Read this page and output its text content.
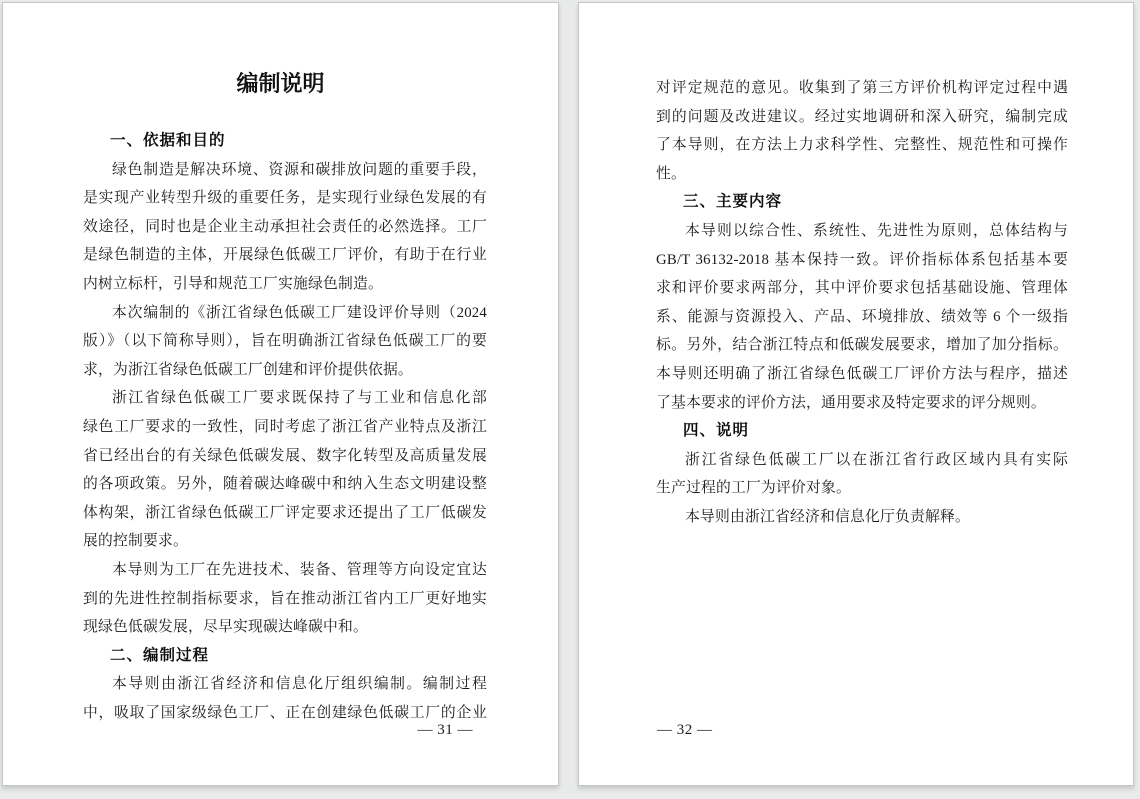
编制说明
一、依据和目的
绿色制造是解决环境、资源和碳排放问题的重要手段，
是实现产业转型升级的重要任务，是实现行业绿色发展的有
效途径，同时也是企业主动承担社会责任的必然选择。工厂
是绿色制造的主体，开展绿色低碳工厂评价，有助于在行业
内树立标杆，引导和规范工厂实施绿色制造。
本次编制的《浙江省绿色低碳工厂建设评价导则（2024
版）》（以下简称导则），旨在明确浙江省绿色低碳工厂的要
求，为浙江省绿色低碳工厂创建和评价提供依据。
浙江省绿色低碳工厂要求既保持了与工业和信息化部
绿色工厂要求的一致性，同时考虑了浙江省产业特点及浙江
省已经出台的有关绿色低碳发展、数字化转型及高质量发展
的各项政策。另外，随着碳达峰碳中和纳入生态文明建设整
体构架，浙江省绿色低碳工厂评定要求还提出了工厂低碳发
展的控制要求。
本导则为工厂在先进技术、装备、管理等方向设定宜达
到的先进性控制指标要求，旨在推动浙江省内工厂更好地实
现绿色低碳发展，尽早实现碳达峰碳中和。
二、编制过程
本导则由浙江省经济和信息化厅组织编制。编制过程
中，吸取了国家级绿色工厂、正在创建绿色低碳工厂的企业
— 31 —
对评定规范的意见。收集到了第三方评价机构评定过程中遇
到的问题及改进建议。经过实地调研和深入研究，编制完成
了本导则，在方法上力求科学性、完整性、规范性和可操作
性。
三、主要内容
本导则以综合性、系统性、先进性为原则，总体结构与
GB/T 36132-2018 基本保持一致。评价指标体系包括基本要
求和评价要求两部分，其中评价要求包括基础设施、管理体
系、能源与资源投入、产品、环境排放、绩效等 6 个一级指
标。另外，结合浙江特点和低碳发展要求，增加了加分指标。
本导则还明确了浙江省绿色低碳工厂评价方法与程序，描述
了基本要求的评价方法，通用要求及特定要求的评分规则。
四、说明
浙江省绿色低碳工厂以在浙江省行政区域内具有实际
生产过程的工厂为评价对象。
本导则由浙江省经济和信息化厅负责解释。
— 32 —
